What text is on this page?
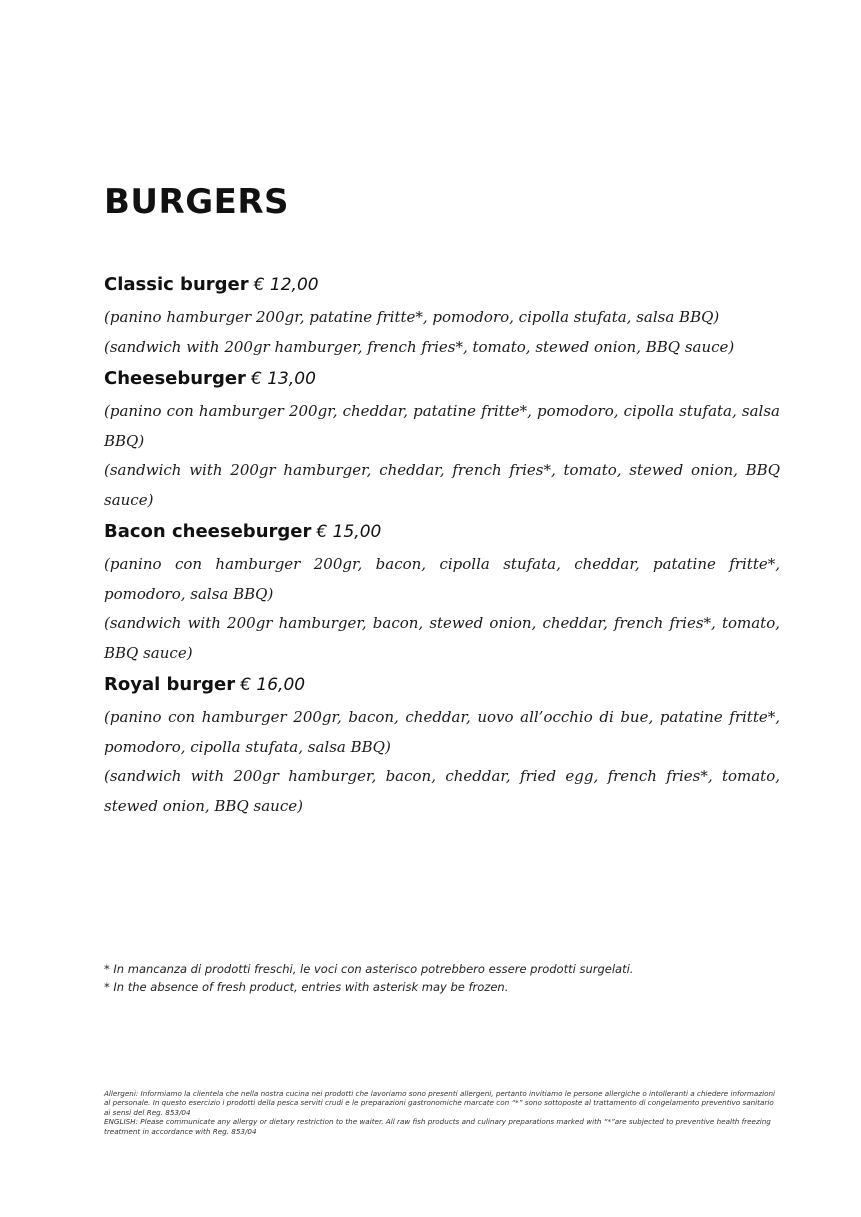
BURGERS

Classic burger € 12,00

(panino hamburger 200gr, patatine fritte*, pomodoro, cipolla stufata, salsa BBQ)

(sandwich with 200gr hamburger, french fries*, tomato, stewed onion, BBQ sauce)

Cheeseburger € 13,00

(panino con hamburger 200gr, cheddar, patatine fritte*, pomodoro, cipolla stufata, salsa BBQ)

(sandwich with 200gr hamburger, cheddar, french fries*, tomato, stewed onion, BBQ sauce)

Bacon cheeseburger € 15,00

(panino con hamburger 200gr, bacon, cipolla stufata, cheddar, patatine fritte*, pomodoro, salsa BBQ)

(sandwich with 200gr hamburger, bacon, stewed onion, cheddar, french fries*, tomato, BBQ sauce)

Royal burger € 16,00

(panino con hamburger 200gr, bacon, cheddar, uovo all’occhio di bue, patatine fritte*, pomodoro, cipolla stufata, salsa BBQ)

(sandwich with 200gr hamburger, bacon, cheddar, fried egg, french fries*, tomato, stewed onion, BBQ sauce)

* In mancanza di prodotti freschi, le voci con asterisco potrebbero essere prodotti surgelati.

* In the absence of fresh product, entries with asterisk may be frozen.

Allergeni: Informiamo la clientela che nella nostra cucina nei prodotti che lavoriamo sono presenti allergeni, pertanto invitiamo le persone allergiche o intolleranti a chiedere informazioni al personale. In questo esercizio i prodotti della pesca serviti crudi e le preparazioni gastronomiche marcate con “*” sono sottoposte al trattamento di congelamento preventivo sanitario ai sensi del Reg. 853/04

ENGLISH: Please communicate any allergy or dietary restriction to the waiter. All raw fish products and culinary preparations marked with “*”are subjected to preventive health freezing treatment in accordance with Reg. 853/04
